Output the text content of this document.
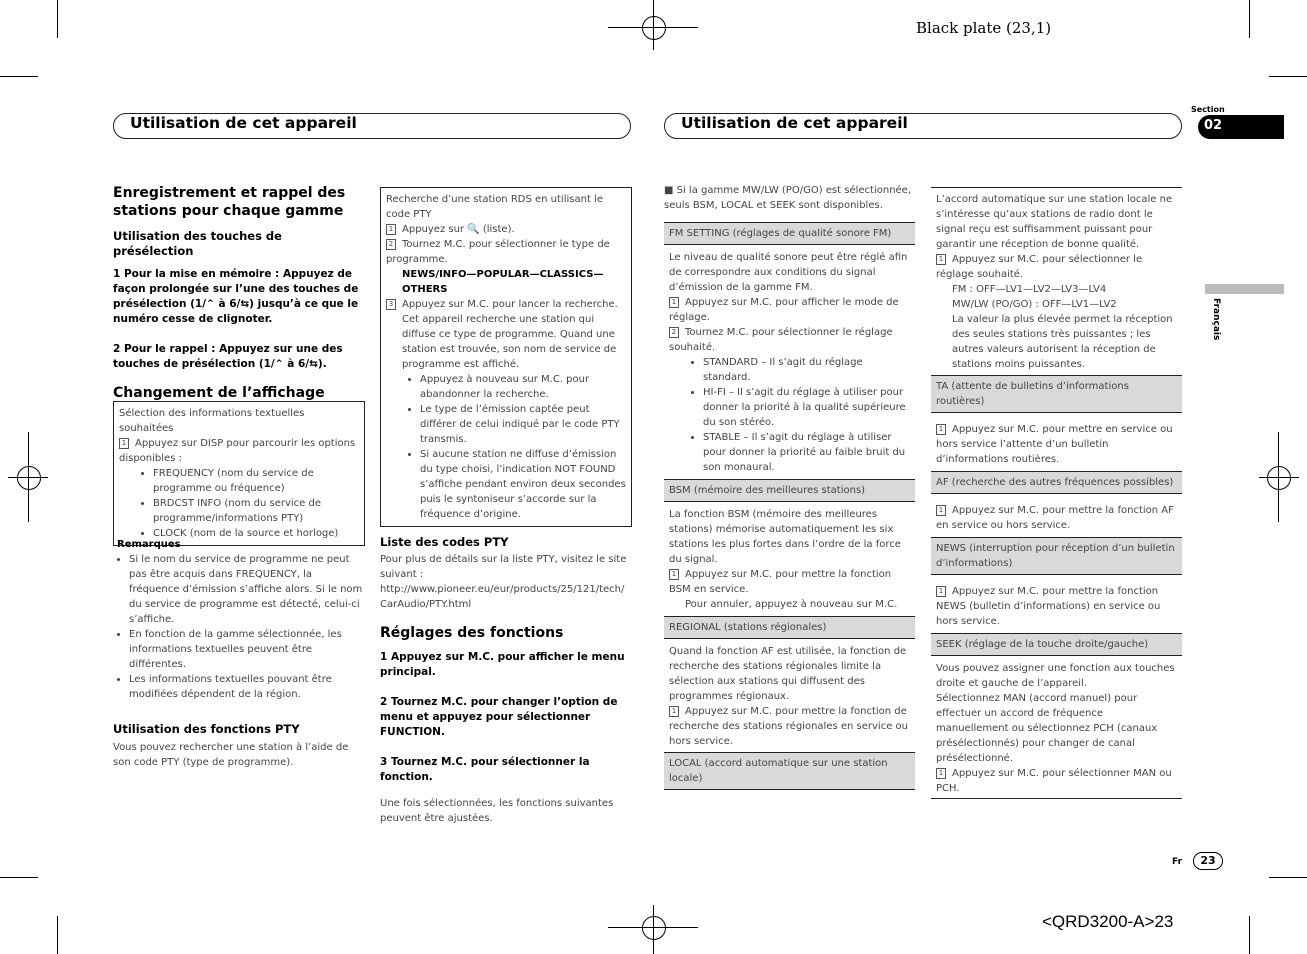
Black plate (23,1)
<QRD3200-A>23
Utilisation de cet appareil	Utilisation de cet appareil
Section
02
Français
Fr	23
Enregistrement et rappel des stations pour chaque gamme
Utilisation des touches de présélection

1 Pour la mise en mémoire : Appuyez de façon prolongée sur l’une des touches de présélection (1/⌃ à 6/⇆) jusqu’à ce que le numéro cesse de clignoter.

2 Pour le rappel : Appuyez sur une des touches de présélection (1/⌃ à 6/⇆).

Changement de l’affichage
Sélection des informations textuelles souhaitées
1 Appuyez sur DISP pour parcourir les options disponibles :
• FREQUENCY (nom du service de programme ou fréquence)
• BRDCST INFO (nom du service de programme/informations PTY)
• CLOCK (nom de la source et horloge)
Remarques
• Si le nom du service de programme ne peut pas être acquis dans FREQUENCY, la fréquence d’émission s’affiche alors. Si le nom du service de programme est détecté, celui-ci s’affiche.
• En fonction de la gamme sélectionnée, les informations textuelles peuvent être différentes.
• Les informations textuelles pouvant être modifiées dépendent de la région.
Utilisation des fonctions PTY

Vous pouvez rechercher une station à l’aide de son code PTY (type de programme).

Recherche d’une station RDS en utilisant le code PTY
1 Appuyez sur 🔍 (liste).
2 Tournez M.C. pour sélectionner le type de programme.
NEWS/INFO—POPULAR—CLASSICS—OTHERS
3 Appuyez sur M.C. pour lancer la recherche.
Cet appareil recherche une station qui diffuse ce type de programme. Quand une station est trouvée, son nom de service de programme est affiché.
• Appuyez à nouveau sur M.C. pour abandonner la recherche.
• Le type de l’émission captée peut différer de celui indiqué par le code PTY transmis.
• Si aucune station ne diffuse d’émission du type choisi, l’indication NOT FOUND s’affiche pendant environ deux secondes puis le syntoniseur s’accorde sur la fréquence d’origine.
Liste des codes PTY

Pour plus de détails sur la liste PTY, visitez le site suivant :

http://www.pioneer.eu/eur/products/25/121/tech/CarAudio/PTY.html

Réglages des fonctions

1 Appuyez sur M.C. pour afficher le menu principal.

2 Tournez M.C. pour changer l’option de menu et appuyez pour sélectionner FUNCTION.

3 Tournez M.C. pour sélectionner la fonction.

Une fois sélectionnées, les fonctions suivantes peuvent être ajustées.

■ Si la gamme MW/LW (PO/GO) est sélectionnée, seuls BSM, LOCAL et SEEK sont disponibles.

FM SETTING (réglages de qualité sonore FM)
Le niveau de qualité sonore peut être réglé afin de correspondre aux conditions du signal d’émission de la gamme FM.
1 Appuyez sur M.C. pour afficher le mode de réglage.
2 Tournez M.C. pour sélectionner le réglage souhaité.
• STANDARD – Il s’agit du réglage standard.
• HI-FI – Il s’agit du réglage à utiliser pour donner la priorité à la qualité supérieure du son stéréo.
• STABLE – Il s’agit du réglage à utiliser pour donner la priorité au faible bruit du son monaural.
BSM (mémoire des meilleures stations)
La fonction BSM (mémoire des meilleures stations) mémorise automatiquement les six stations les plus fortes dans l’ordre de la force du signal.
1 Appuyez sur M.C. pour mettre la fonction BSM en service.
Pour annuler, appuyez à nouveau sur M.C.
REGIONAL (stations régionales)
Quand la fonction AF est utilisée, la fonction de recherche des stations régionales limite la sélection aux stations qui diffusent des programmes régionaux.
1 Appuyez sur M.C. pour mettre la fonction de recherche des stations régionales en service ou hors service.
LOCAL (accord automatique sur une station locale)
L’accord automatique sur une station locale ne s’intéresse qu’aux stations de radio dont le signal reçu est suffisamment puissant pour garantir une réception de bonne qualité.
1 Appuyez sur M.C. pour sélectionner le réglage souhaité.
FM : OFF—LV1—LV2—LV3—LV4
MW/LW (PO/GO) : OFF—LV1—LV2
La valeur la plus élevée permet la réception des seules stations très puissantes ; les autres valeurs autorisent la réception de stations moins puissantes.
TA (attente de bulletins d’informations routières)
1 Appuyez sur M.C. pour mettre en service ou hors service l’attente d’un bulletin d’informations routières.
AF (recherche des autres fréquences possibles)
1 Appuyez sur M.C. pour mettre la fonction AF en service ou hors service.
NEWS (interruption pour réception d’un bulletin d’informations)
1 Appuyez sur M.C. pour mettre la fonction NEWS (bulletin d’informations) en service ou hors service.
SEEK (réglage de la touche droite/gauche)
Vous pouvez assigner une fonction aux touches droite et gauche de l’appareil.
Sélectionnez MAN (accord manuel) pour effectuer un accord de fréquence manuellement ou sélectionnez PCH (canaux présélectionnés) pour changer de canal présélectionné.
1 Appuyez sur M.C. pour sélectionner MAN ou PCH.
